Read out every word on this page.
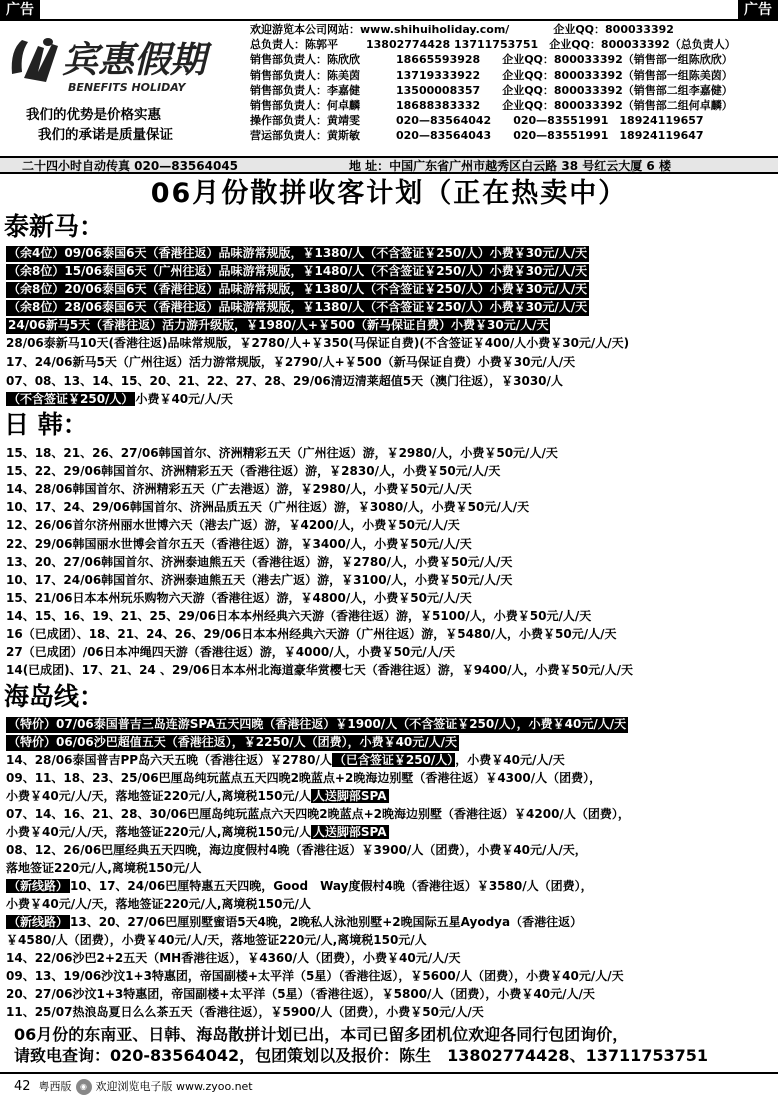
广告	广告
宾惠假期
BENEFITS HOLIDAY
我们的优势是价格实惠
我们的承诺是质量保证
欢迎游览本公司网站：www.shihuiholiday.com/　　　　	企业QQ：800033392
总负责人：陈郭平	13802774428 13711753751　 企业QQ：800033392（总负责人）
销售部负责人：陈欣欣	18665593928　　 企业QQ：800033392（销售部一组陈欣欣）
销售部负责人：陈美茵	13719333922　　 企业QQ：800033392（销售部一组陈美茵）
销售部负责人：李嘉健	13500008357　　 企业QQ：800033392（销售部二组李嘉健）
销售部负责人：何卓麟	18688383332　　 企业QQ：800033392（销售部二组何卓麟）
操作部负责人：黄靖雯	020—83564042　　 020—83551991　18924119657
营运部负责人：黄斯敏	020—83564043　　 020—83551991　18924119647
二十四小时自动传真 020—83564045	地 址：中国广东省广州市越秀区白云路 38 号红云大厦 6 楼
06月份散拼收客计划（正在热卖中）
泰新马：
日 韩：
海岛线：
（余4位）09/06泰国6天（香港往返）品味游常规版，￥1380/人（不含签证￥250/人）小费￥30元/人/天
（余8位）15/06泰国6天（广州往返）品味游常规版，￥1480/人（不含签证￥250/人）小费￥30元/人/天
（余8位）20/06泰国6天（香港往返）品味游常规版，￥1380/人（不含签证￥250/人）小费￥30元/人/天
（余8位）28/06泰国6天（香港往返）品味游常规版，￥1380/人（不含签证￥250/人）小费￥30元/人/天
24/06新马5天（香港往返）活力游升级版，￥1980/人+￥500（新马保证自费）小费￥30元/人/天
28/06泰新马10天(香港往返)品味常规版，￥2780/人+￥350(马保证自费)(不含签证￥400/人小费￥30元/人/天)
17、24/06新马5天（广州往返）活力游常规版，￥2790/人+￥500（新马保证自费）小费￥30元/人/天
07、08、13、14、15、20、21、22、27、28、29/06清迈清莱超值5天（澳门往返），￥3030/人
（不含签证￥250/人） 小费￥40元/人/天
15、18、21、26、27/06韩国首尔、济洲精彩五天（广州往返）游，￥2980/人，小费￥50元/人/天
15、22、29/06韩国首尔、济洲精彩五天（香港往返）游，￥2830/人，小费￥50元/人/天
14、28/06韩国首尔、济洲精彩五天（广去港返）游，￥2980/人，小费￥50元/人/天
10、17、24、29/06韩国首尔、济洲品质五天（广州往返）游，￥3080/人，小费￥50元/人/天
12、26/06首尔济州丽水世博六天（港去广返）游，￥4200/人，小费￥50元/人/天
22、29/06韩国丽水世博会首尔五天（香港往返）游，￥3400/人，小费￥50元/人/天
13、20、27/06韩国首尔、济洲泰迪熊五天（香港往返）游，￥2780/人，小费￥50元/人/天
10、17、24/06韩国首尔、济洲泰迪熊五天（港去广返）游，￥3100/人，小费￥50元/人/天
15、21/06日本本州玩乐购物六天游（香港往返）游，￥4800/人，小费￥50元/人/天
14、15、16、19、21、25、29/06日本本州经典六天游（香港往返）游，￥5100/人，小费￥50元/人/天
16（已成团）、18、21、24、26、29/06日本本州经典六天游（广州往返）游，￥5480/人，小费￥50元/人/天
27（已成团）/06日本冲绳四天游（香港往返）游，￥4000/人，小费￥50元/人/天
14(已成团)、17、21、24 、29/06日本本州北海道豪华赏樱七天（香港往返）游，￥9400/人，小费￥50元/人/天
（特价）07/06泰国普吉三岛连游SPA五天四晚（香港往返）￥1900/人（不含签证￥250/人），小费￥40元/人/天
（特价）06/06沙巴超值五天（香港往返），￥2250/人（团费），小费￥40元/人/天
14、28/06泰国普吉PP岛六天五晚（香港往返）￥2780/人 （已含签证￥250/人） ，小费￥40元/人/天
09、11、18、23、25/06巴厘岛纯玩蓝点五天四晚2晚蓝点+2晚海边别墅（香港往返）￥4300/人（团费），
小费￥40元/人/天，落地签证220元/人,离境税150元/人 人送脚部SPA
07、14、16、21、28、30/06巴厘岛纯玩蓝点六天四晚2晚蓝点+2晚海边别墅（香港往返）￥4200/人（团费），
小费￥40元/人/天，落地签证220元/人,离境税150元/人 人送脚部SPA
08、12、26/06巴厘经典五天四晚，海边度假村4晚（香港往返）￥3900/人（团费），小费￥40元/人/天，
落地签证220元/人,离境税150元/人
（新线路） 10、17、24/06巴厘特惠五天四晚，Good　Way度假村4晚（香港往返）￥3580/人（团费），
小费￥40元/人/天，落地签证220元/人,离境税150元/人
（新线路） 13、20、27/06巴厘别墅蜜语5天4晚，2晚私人泳池别墅+2晚国际五星Ayodya（香港往返）
￥4580/人（团费），小费￥40元/人/天，落地签证220元/人,离境税150元/人
14、22/06沙巴2+2五天（MH香港往返），￥4360/人（团费），小费￥40元/人/天
09、13、19/06沙汶1+3特惠团，帝国副楼+太平洋（5星）（香港往返），￥5600/人（团费），小费￥40元/人/天
20、27/06沙汶1+3特惠团，帝国副楼+太平洋（5星）（香港往返），￥5800/人（团费），小费￥40元/人/天
11、25/07热浪岛夏日么么茶五天（香港往返），￥5900/人（团费），小费￥50元/人/天
06月份的东南亚、日韩、海岛散拼计划已出，本司已留多团机位欢迎各同行包团询价，
请致电查询：020-83564042，包团策划以及报价：陈生　13802774428、13711753751
42 粤西版 ◉ 欢迎浏览电子版 www.zyoo.net
